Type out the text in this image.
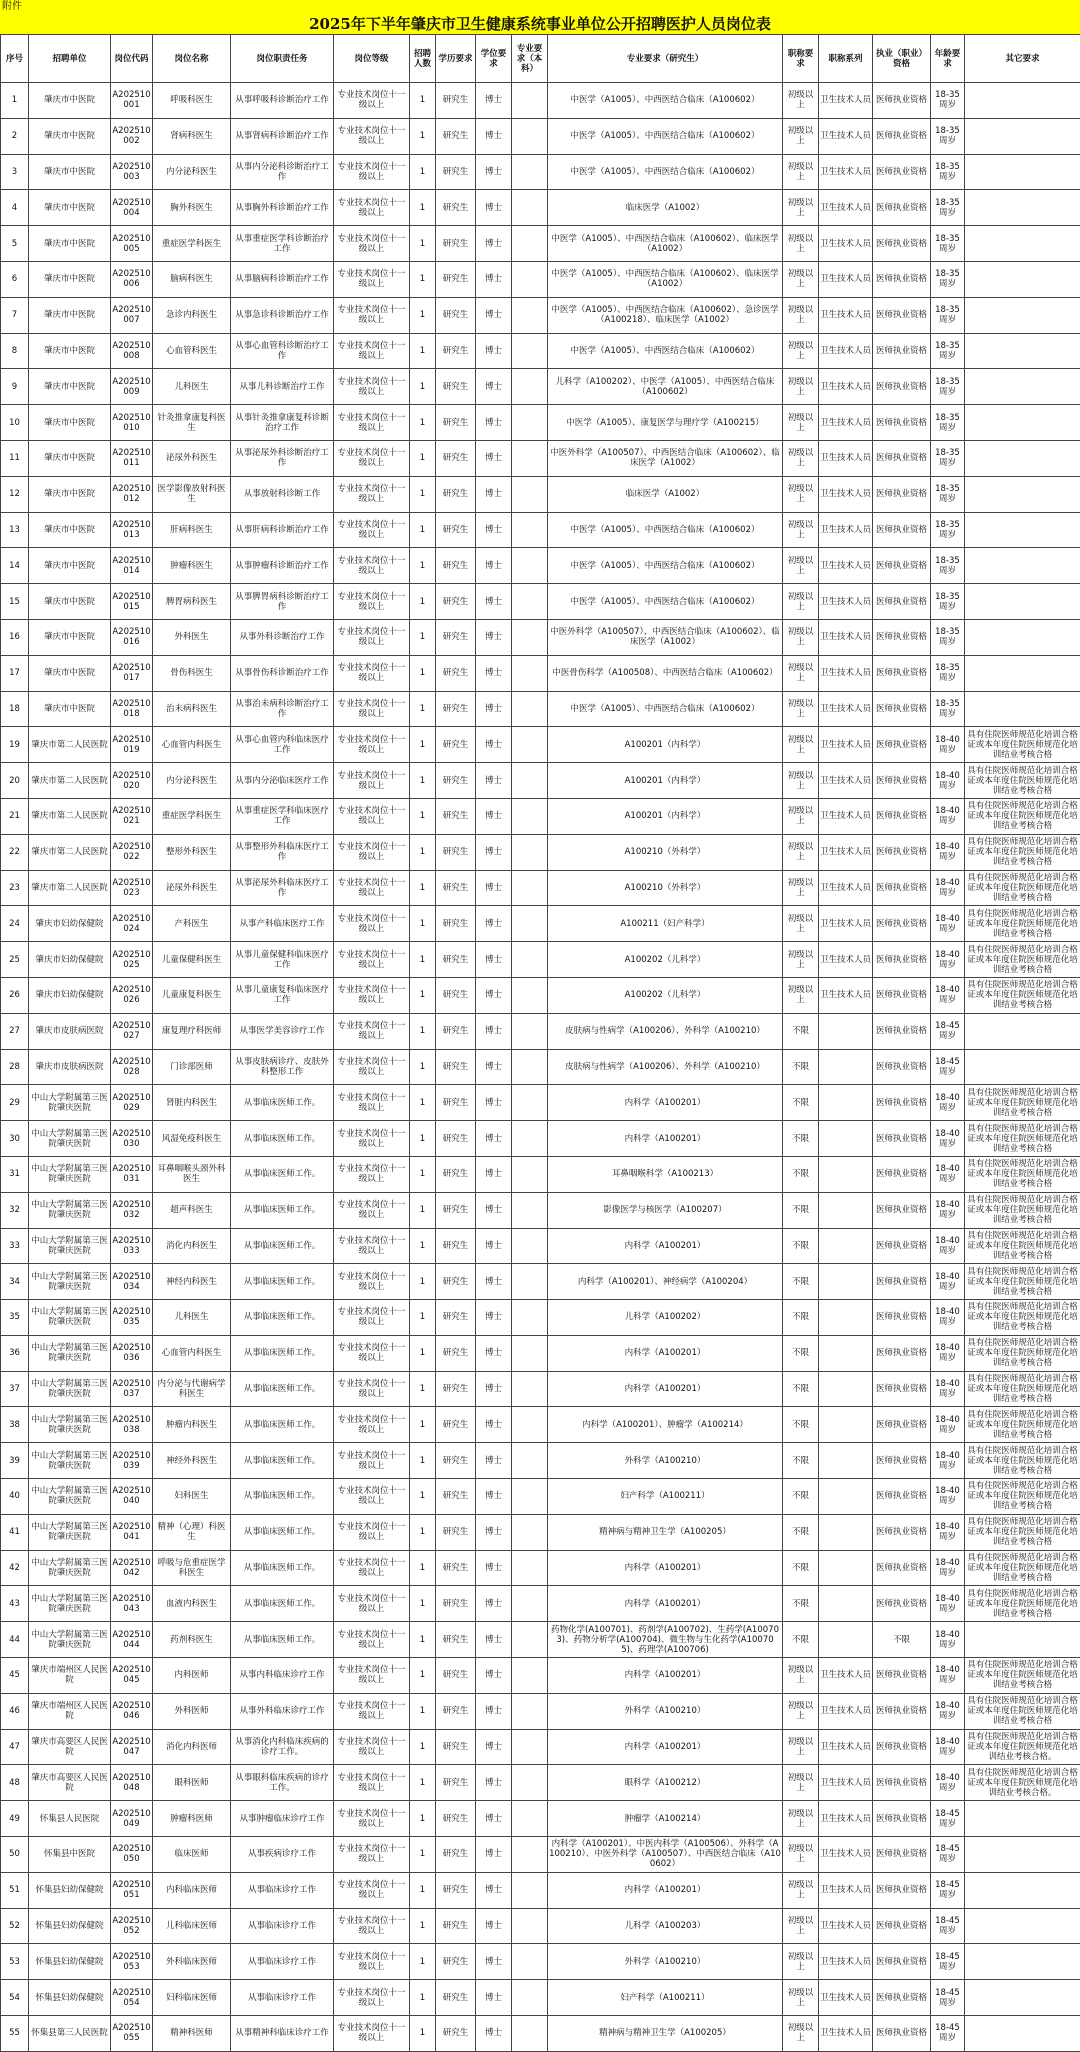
附件
2025年下半年肇庆市卫生健康系统事业单位公开招聘医护人员岗位表
序号	招聘单位	岗位代码	岗位名称	岗位职责任务	岗位等级	招聘人数	学历要求	学位要求	专业要求（本科）	专业要求（研究生）	职称要求	职称系列	执业（职业）资格	年龄要求	其它要求
1	肇庆市中医院	A202510001	呼吸科医生	从事呼吸科诊断治疗工作	专业技术岗位十一级以上	1	研究生	博士		中医学（A1005）、中西医结合临床（A100602）	初级以上	卫生技术人员	医师执业资格	18-35周岁	
2	肇庆市中医院	A202510002	肾病科医生	从事肾病科诊断治疗工作	专业技术岗位十一级以上	1	研究生	博士		中医学（A1005）、中西医结合临床（A100602）	初级以上	卫生技术人员	医师执业资格	18-35周岁	
3	肇庆市中医院	A202510003	内分泌科医生	从事内分泌科诊断治疗工作	专业技术岗位十一级以上	1	研究生	博士		中医学（A1005）、中西医结合临床（A100602）	初级以上	卫生技术人员	医师执业资格	18-35周岁	
4	肇庆市中医院	A202510004	胸外科医生	从事胸外科诊断治疗工作	专业技术岗位十一级以上	1	研究生	博士		临床医学（A1002）	初级以上	卫生技术人员	医师执业资格	18-35周岁	
5	肇庆市中医院	A202510005	重症医学科医生	从事重症医学科诊断治疗工作	专业技术岗位十一级以上	1	研究生	博士		中医学（A1005）、中西医结合临床（A100602）、临床医学（A1002）	初级以上	卫生技术人员	医师执业资格	18-35周岁	
6	肇庆市中医院	A202510006	脑病科医生	从事脑病科诊断治疗工作	专业技术岗位十一级以上	1	研究生	博士		中医学（A1005）、中西医结合临床（A100602）、临床医学（A1002）	初级以上	卫生技术人员	医师执业资格	18-35周岁	
7	肇庆市中医院	A202510007	急诊内科医生	从事急诊科诊断治疗工作	专业技术岗位十一级以上	1	研究生	博士		中医学（A1005）、中西医结合临床（A100602）、急诊医学（A100218）、临床医学（A1002）	初级以上	卫生技术人员	医师执业资格	18-35周岁	
8	肇庆市中医院	A202510008	心血管科医生	从事心血管科诊断治疗工作	专业技术岗位十一级以上	1	研究生	博士		中医学（A1005）、中西医结合临床（A100602）	初级以上	卫生技术人员	医师执业资格	18-35周岁	
9	肇庆市中医院	A202510009	儿科医生	从事儿科诊断治疗工作	专业技术岗位十一级以上	1	研究生	博士		儿科学（A100202）、中医学（A1005）、中西医结合临床（A100602）	初级以上	卫生技术人员	医师执业资格	18-35周岁	
10	肇庆市中医院	A202510010	针灸推拿康复科医生	从事针灸推拿康复科诊断治疗工作	专业技术岗位十一级以上	1	研究生	博士		中医学（A1005）、康复医学与理疗学（A100215）	初级以上	卫生技术人员	医师执业资格	18-35周岁	
11	肇庆市中医院	A202510011	泌尿外科医生	从事泌尿外科诊断治疗工作	专业技术岗位十一级以上	1	研究生	博士		中医外科学（A100507）、中西医结合临床（A100602）、临床医学（A1002）	初级以上	卫生技术人员	医师执业资格	18-35周岁	
12	肇庆市中医院	A202510012	医学影像放射科医生	从事放射科诊断工作	专业技术岗位十一级以上	1	研究生	博士		临床医学（A1002）	初级以上	卫生技术人员	医师执业资格	18-35周岁	
13	肇庆市中医院	A202510013	肝病科医生	从事肝病科诊断治疗工作	专业技术岗位十一级以上	1	研究生	博士		中医学（A1005）、中西医结合临床（A100602）	初级以上	卫生技术人员	医师执业资格	18-35周岁	
14	肇庆市中医院	A202510014	肿瘤科医生	从事肿瘤科诊断治疗工作	专业技术岗位十一级以上	1	研究生	博士		中医学（A1005）、中西医结合临床（A100602）	初级以上	卫生技术人员	医师执业资格	18-35周岁	
15	肇庆市中医院	A202510015	脾胃病科医生	从事脾胃病科诊断治疗工作	专业技术岗位十一级以上	1	研究生	博士		中医学（A1005）、中西医结合临床（A100602）	初级以上	卫生技术人员	医师执业资格	18-35周岁	
16	肇庆市中医院	A202510016	外科医生	从事外科诊断治疗工作	专业技术岗位十一级以上	1	研究生	博士		中医外科学（A100507）、中西医结合临床（A100602）、临床医学（A1002）	初级以上	卫生技术人员	医师执业资格	18-35周岁	
17	肇庆市中医院	A202510017	骨伤科医生	从事骨伤科诊断治疗工作	专业技术岗位十一级以上	1	研究生	博士		中医骨伤科学（A100508）、中西医结合临床（A100602）	初级以上	卫生技术人员	医师执业资格	18-35周岁	
18	肇庆市中医院	A202510018	治未病科医生	从事治未病科诊断治疗工作	专业技术岗位十一级以上	1	研究生	博士		中医学（A1005）、中西医结合临床（A100602）	初级以上	卫生技术人员	医师执业资格	18-35周岁	
19	肇庆市第二人民医院	A202510019	心血管内科医生	从事心血管内科临床医疗工作	专业技术岗位十一级以上	1	研究生	博士		A100201（内科学）	初级以上	卫生技术人员	医师执业资格	18-40周岁	具有住院医师规范化培训合格证或本年度住院医师规范化培训结业考核合格
20	肇庆市第二人民医院	A202510020	内分泌科医生	从事内分泌临床医疗工作	专业技术岗位十一级以上	1	研究生	博士		A100201（内科学）	初级以上	卫生技术人员	医师执业资格	18-40周岁	具有住院医师规范化培训合格证或本年度住院医师规范化培训结业考核合格
21	肇庆市第二人民医院	A202510021	重症医学科医生	从事重症医学科临床医疗工作	专业技术岗位十一级以上	1	研究生	博士		A100201（内科学）	初级以上	卫生技术人员	医师执业资格	18-40周岁	具有住院医师规范化培训合格证或本年度住院医师规范化培训结业考核合格
22	肇庆市第二人民医院	A202510022	整形外科医生	从事整形外科临床医疗工作	专业技术岗位十一级以上	1	研究生	博士		A100210（外科学）	初级以上	卫生技术人员	医师执业资格	18-40周岁	具有住院医师规范化培训合格证或本年度住院医师规范化培训结业考核合格
23	肇庆市第二人民医院	A202510023	泌尿外科医生	从事泌尿外科临床医疗工作	专业技术岗位十一级以上	1	研究生	博士		A100210（外科学）	初级以上	卫生技术人员	医师执业资格	18-40周岁	具有住院医师规范化培训合格证或本年度住院医师规范化培训结业考核合格
24	肇庆市妇幼保健院	A202510024	产科医生	从事产科临床医疗工作	专业技术岗位十一级以上	1	研究生	博士		A100211（妇产科学）	初级以上	卫生技术人员	医师执业资格	18-40周岁	具有住院医师规范化培训合格证或本年度住院医师规范化培训结业考核合格
25	肇庆市妇幼保健院	A202510025	儿童保健科医生	从事儿童保健科临床医疗工作	专业技术岗位十一级以上	1	研究生	博士		A100202（儿科学）	初级以上	卫生技术人员	医师执业资格	18-40周岁	具有住院医师规范化培训合格证或本年度住院医师规范化培训结业考核合格
26	肇庆市妇幼保健院	A202510026	儿童康复科医生	从事儿童康复科临床医疗工作	专业技术岗位十一级以上	1	研究生	博士		A100202（儿科学）	初级以上	卫生技术人员	医师执业资格	18-40周岁	具有住院医师规范化培训合格证或本年度住院医师规范化培训结业考核合格
27	肇庆市皮肤病医院	A202510027	康复理疗科医师	从事医学美容诊疗工作	专业技术岗位十一级以上	1	研究生	博士		皮肤病与性病学（A100206）、外科学（A100210）	不限		医师执业资格	18-45周岁	
28	肇庆市皮肤病医院	A202510028	门诊部医师	从事皮肤病诊疗、皮肤外科整形工作	专业技术岗位十一级以上	1	研究生	博士		皮肤病与性病学（A100206）、外科学（A100210）	不限		医师执业资格	18-45周岁	
29	中山大学附属第三医院肇庆医院	A202510029	肾脏内科医生	从事临床医师工作。	专业技术岗位十一级以上	1	研究生	博士		内科学（A100201）	不限		医师执业资格	18-40周岁	具有住院医师规范化培训合格证或本年度住院医师规范化培训结业考核合格
30	中山大学附属第三医院肇庆医院	A202510030	风湿免疫科医生	从事临床医师工作。	专业技术岗位十一级以上	1	研究生	博士		内科学（A100201）	不限		医师执业资格	18-40周岁	具有住院医师规范化培训合格证或本年度住院医师规范化培训结业考核合格
31	中山大学附属第三医院肇庆医院	A202510031	耳鼻咽喉头颈外科医生	从事临床医师工作。	专业技术岗位十一级以上	1	研究生	博士		耳鼻咽喉科学（A100213）	不限		医师执业资格	18-40周岁	具有住院医师规范化培训合格证或本年度住院医师规范化培训结业考核合格
32	中山大学附属第三医院肇庆医院	A202510032	超声科医生	从事临床医师工作。	专业技术岗位十一级以上	1	研究生	博士		影像医学与核医学（A100207）	不限		医师执业资格	18-40周岁	具有住院医师规范化培训合格证或本年度住院医师规范化培训结业考核合格
33	中山大学附属第三医院肇庆医院	A202510033	消化内科医生	从事临床医师工作。	专业技术岗位十一级以上	1	研究生	博士		内科学（A100201）	不限		医师执业资格	18-40周岁	具有住院医师规范化培训合格证或本年度住院医师规范化培训结业考核合格
34	中山大学附属第三医院肇庆医院	A202510034	神经内科医生	从事临床医师工作。	专业技术岗位十一级以上	1	研究生	博士		内科学（A100201）、神经病学（A100204）	不限		医师执业资格	18-40周岁	具有住院医师规范化培训合格证或本年度住院医师规范化培训结业考核合格
35	中山大学附属第三医院肇庆医院	A202510035	儿科医生	从事临床医师工作。	专业技术岗位十一级以上	1	研究生	博士		儿科学（A100202）	不限		医师执业资格	18-40周岁	具有住院医师规范化培训合格证或本年度住院医师规范化培训结业考核合格
36	中山大学附属第三医院肇庆医院	A202510036	心血管内科医生	从事临床医师工作。	专业技术岗位十一级以上	1	研究生	博士		内科学（A100201）	不限		医师执业资格	18-40周岁	具有住院医师规范化培训合格证或本年度住院医师规范化培训结业考核合格
37	中山大学附属第三医院肇庆医院	A202510037	内分泌与代谢病学科医生	从事临床医师工作。	专业技术岗位十一级以上	1	研究生	博士		内科学（A100201）	不限		医师执业资格	18-40周岁	具有住院医师规范化培训合格证或本年度住院医师规范化培训结业考核合格
38	中山大学附属第三医院肇庆医院	A202510038	肿瘤内科医生	从事临床医师工作。	专业技术岗位十一级以上	1	研究生	博士		内科学（A100201）、肿瘤学（A100214）	不限		医师执业资格	18-40周岁	具有住院医师规范化培训合格证或本年度住院医师规范化培训结业考核合格
39	中山大学附属第三医院肇庆医院	A202510039	神经外科医生	从事临床医师工作。	专业技术岗位十一级以上	1	研究生	博士		外科学（A100210）	不限		医师执业资格	18-40周岁	具有住院医师规范化培训合格证或本年度住院医师规范化培训结业考核合格
40	中山大学附属第三医院肇庆医院	A202510040	妇科医生	从事临床医师工作。	专业技术岗位十一级以上	1	研究生	博士		妇产科学（A100211）	不限		医师执业资格	18-40周岁	具有住院医师规范化培训合格证或本年度住院医师规范化培训结业考核合格
41	中山大学附属第三医院肇庆医院	A202510041	精神（心理）科医生	从事临床医师工作。	专业技术岗位十一级以上	1	研究生	博士		精神病与精神卫生学（A100205）	不限		医师执业资格	18-40周岁	具有住院医师规范化培训合格证或本年度住院医师规范化培训结业考核合格
42	中山大学附属第三医院肇庆医院	A202510042	呼吸与危重症医学科医生	从事临床医师工作。	专业技术岗位十一级以上	1	研究生	博士		内科学（A100201）	不限		医师执业资格	18-40周岁	具有住院医师规范化培训合格证或本年度住院医师规范化培训结业考核合格
43	中山大学附属第三医院肇庆医院	A202510043	血液内科医生	从事临床医师工作。	专业技术岗位十一级以上	1	研究生	博士		内科学（A100201）	不限		医师执业资格	18-40周岁	具有住院医师规范化培训合格证或本年度住院医师规范化培训结业考核合格
44	中山大学附属第三医院肇庆医院	A202510044	药剂科医生	从事临床医师工作。	专业技术岗位十一级以上	1	研究生	博士		药物化学(A100701)、药剂学(A100702)、生药学(A100703)、药物分析学(A100704)、微生物与生化药学(A100705)、药理学(A100706)	不限		不限	18-40周岁	
45	肇庆市端州区人民医院	A202510045	内科医师	从事内科临床诊疗工作	专业技术岗位十一级以上	1	研究生	博士		内科学（A100201）	初级以上	卫生技术人员	医师执业资格	18-40周岁	具有住院医师规范化培训合格证或本年度住院医师规范化培训结业考核合格
46	肇庆市端州区人民医院	A202510046	外科医师	从事外科临床诊疗工作	专业技术岗位十一级以上	1	研究生	博士		外科学（A100210）	初级以上	卫生技术人员	医师执业资格	18-40周岁	具有住院医师规范化培训合格证或本年度住院医师规范化培训结业考核合格
47	肇庆市高要区人民医院	A202510047	消化内科医师	从事消化内科临床疾病的诊疗工作。	专业技术岗位十一级以上	1	研究生	博士		内科学（A100201）	初级以上	卫生技术人员	医师执业资格	18-40周岁	具有住院医师规范化培训合格证或本年度住院医师规范化培训结业考核合格。
48	肇庆市高要区人民医院	A202510048	眼科医师	从事眼科临床疾病的诊疗工作。	专业技术岗位十一级以上	1	研究生	博士		眼科学（A100212）	初级以上	卫生技术人员	医师执业资格	18-40周岁	具有住院医师规范化培训合格证或本年度住院医师规范化培训结业考核合格。
49	怀集县人民医院	A202510049	肿瘤科医师	从事肿瘤临床诊疗工作	专业技术岗位十一级以上	1	研究生	博士		肿瘤学（A100214）	初级以上	卫生技术人员	医师执业资格	18-45周岁	
50	怀集县中医院	A202510050	临床医师	从事疾病诊疗工作	专业技术岗位十一级以上	1	研究生	博士		内科学（A100201）、中医内科学（A100506）、外科学（A100210）、中医外科学（A100507）、中西医结合临床（A100602）	初级以上	卫生技术人员	医师执业资格	18-45周岁	
51	怀集县妇幼保健院	A202510051	内科临床医师	从事临床诊疗工作	专业技术岗位十一级以上	1	研究生	博士		内科学（A100201）	初级以上	卫生技术人员	医师执业资格	18-45周岁	
52	怀集县妇幼保健院	A202510052	儿科临床医师	从事临床诊疗工作	专业技术岗位十一级以上	1	研究生	博士		儿科学（A100203）	初级以上	卫生技术人员	医师执业资格	18-45周岁	
53	怀集县妇幼保健院	A202510053	外科临床医师	从事临床诊疗工作	专业技术岗位十一级以上	1	研究生	博士		外科学（A100210）	初级以上	卫生技术人员	医师执业资格	18-45周岁	
54	怀集县妇幼保健院	A202510054	妇科临床医师	从事临床诊疗工作	专业技术岗位十一级以上	1	研究生	博士		妇产科学（A100211）	初级以上	卫生技术人员	医师执业资格	18-45周岁	
55	怀集县第三人民医院	A202510055	精神科医师	从事精神科临床诊疗工作	专业技术岗位十一级以上	1	研究生	博士		精神病与精神卫生学（A100205）	初级以上	卫生技术人员	医师执业资格	18-45周岁	
